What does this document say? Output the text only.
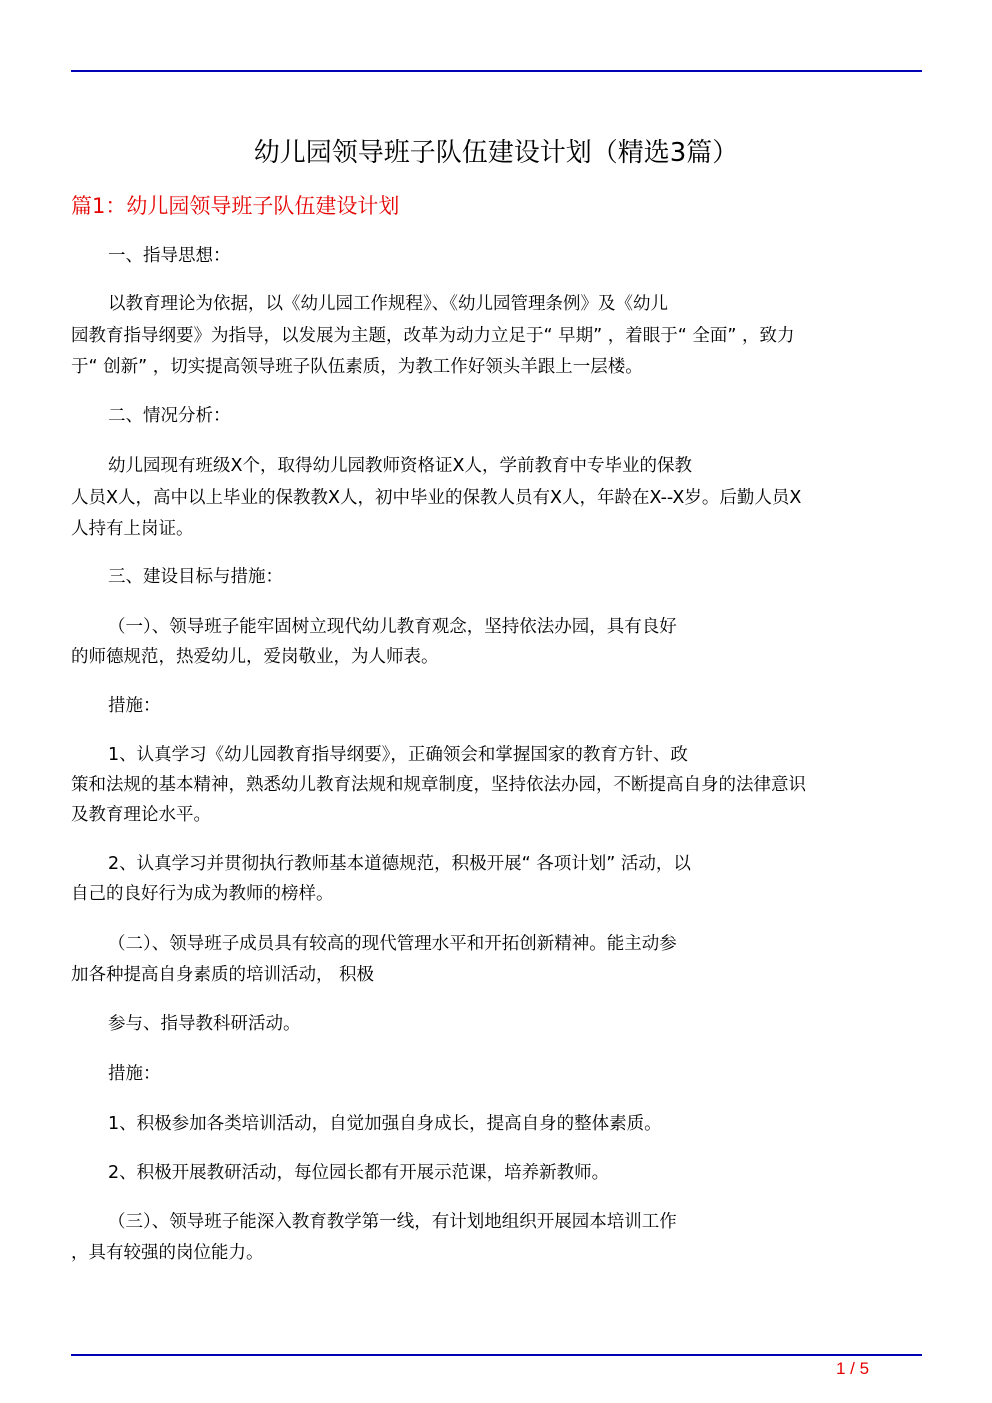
幼儿园领导班子队伍建设计划（精选3篇）
篇1：幼儿园领导班子队伍建设计划
一、指导思想：
以教育理论为依据，以《幼儿园工作规程》、《幼儿园管理条例》及《幼儿
园教育指导纲要》为指导，以发展为主题，改革为动力立足于“ 早期” ，着眼于“ 全面” ，致力
于“ 创新” ，切实提高领导班子队伍素质，为教工作好领头羊跟上一层楼。
二、情况分析：
幼儿园现有班级X个，取得幼儿园教师资格证X人，学前教育中专毕业的保教
人员X人，高中以上毕业的保教教X人，初中毕业的保教人员有X人，年龄在X--X岁。后勤人员X
人持有上岗证。
三、建设目标与措施：
（一）、领导班子能牢固树立现代幼儿教育观念，坚持依法办园，具有良好
的师德规范，热爱幼儿，爱岗敬业，为人师表。
措施：
1、认真学习《幼儿园教育指导纲要》，正确领会和掌握国家的教育方针、政
策和法规的基本精神，熟悉幼儿教育法规和规章制度，坚持依法办园，不断提高自身的法律意识
及教育理论水平。
2、认真学习并贯彻执行教师基本道德规范，积极开展“ 各项计划” 活动，以
自己的良好行为成为教师的榜样。
（二）、领导班子成员具有较高的现代管理水平和开拓创新精神。能主动参
加各种提高自身素质的培训活动， 积极
参与、指导教科研活动。
措施：
1、积极参加各类培训活动，自觉加强自身成长，提高自身的整体素质。
2、积极开展教研活动，每位园长都有开展示范课，培养新教师。
（三）、领导班子能深入教育教学第一线，有计划地组织开展园本培训工作
，具有较强的岗位能力。
1 / 5
